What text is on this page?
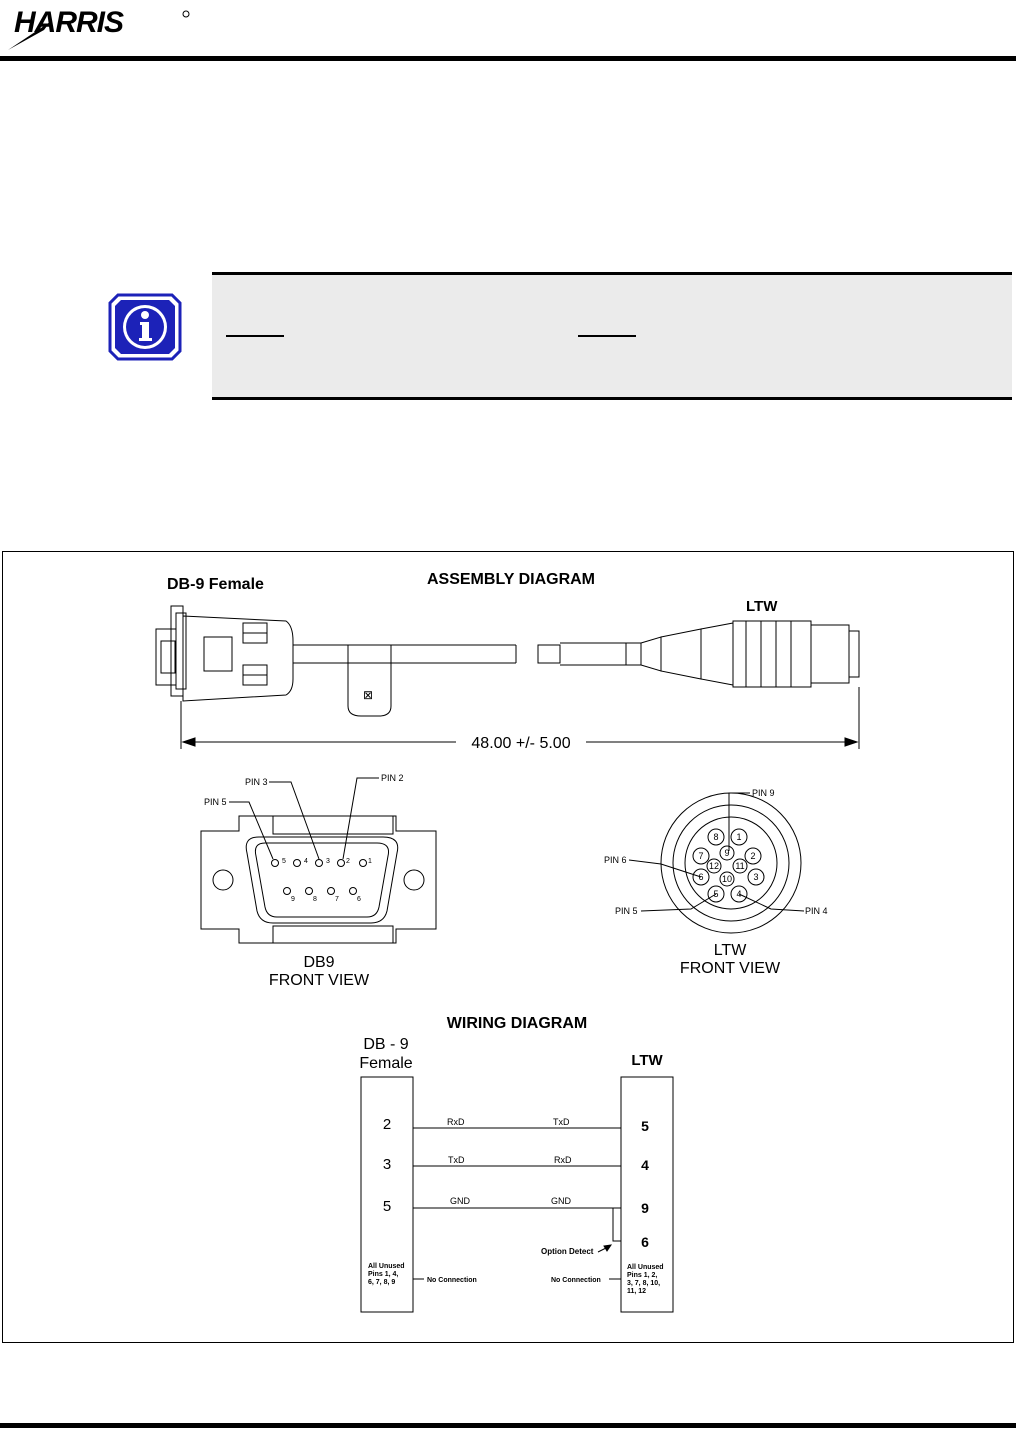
HARRIS
ASSEMBLY DIAGRAM
DB-9 Female
LTW
⊠
48.00 +/- 5.00
5	4	3 2	1
9	8	7	6
PIN 3	PIN 2
PIN 5
DB9
FRONT VIEW
8 1
2
3
4
5
6
7 9
11
10
12
PIN 9
PIN 6
PIN 5	PIN 4
LTW
FRONT VIEW
WIRING DIAGRAM
DB - 9
Female	LTW
2
3
5
5
4
9
6
RxD	TxD
TxD	RxD
GND	GND
Option Detect
All Unused
Pins 1, 4,
6, 7, 8, 9
All Unused
Pins 1, 2,
3, 7, 8, 10,
11, 12
No Connection	No Connection
